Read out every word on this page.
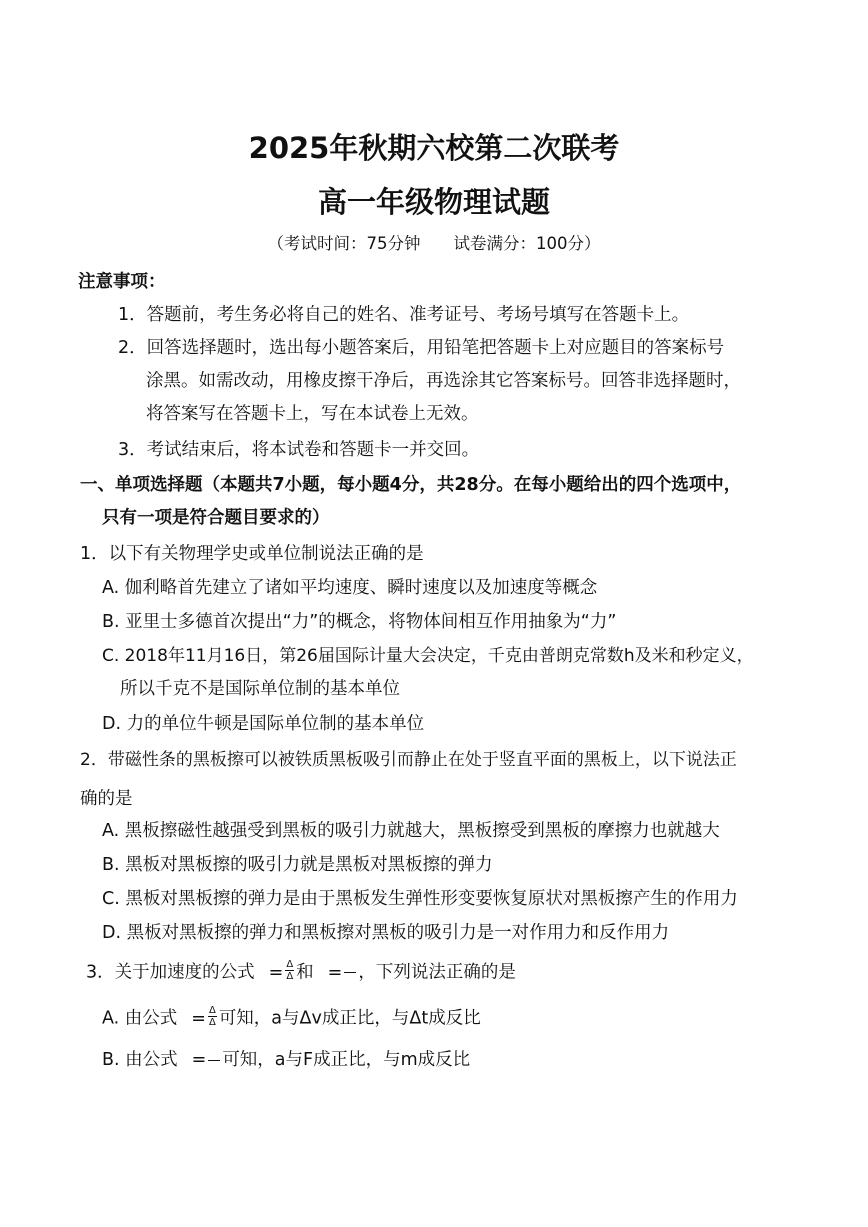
2025年秋期六校第二次联考
高一年级物理试题
（考试时间：75分钟　　试卷满分：100分）
注意事项：
1．答题前，考生务必将自己的姓名、准考证号、考场号填写在答题卡上。
2．回答选择题时，选出每小题答案后，用铅笔把答题卡上对应题目的答案标号
涂黑。如需改动，用橡皮擦干净后，再选涂其它答案标号。回答非选择题时，
将答案写在答题卡上，写在本试卷上无效。
3．考试结束后，将本试卷和答题卡一并交回。
一、单项选择题（本题共7小题，每小题4分，共28分。在每小题给出的四个选项中，
只有一项是符合题目要求的）
1．以下有关物理学史或单位制说法正确的是
A. 伽利略首先建立了诸如平均速度、瞬时速度以及加速度等概念
B. 亚里士多德首次提出“力”的概念，将物体间相互作用抽象为“力”
C. 2018年11月16日，第26届国际计量大会决定，千克由普朗克常数h及米和秒定义，
所以千克不是国际单位制的基本单位
D. 力的单位牛顿是国际单位制的基本单位
2．带磁性条的黑板擦可以被铁质黑板吸引而静止在处于竖直平面的黑板上，以下说法正
确的是
A. 黑板擦磁性越强受到黑板的吸引力就越大，黑板擦受到黑板的摩擦力也就越大
B. 黑板对黑板擦的吸引力就是黑板对黑板擦的弹力
C. 黑板对黑板擦的弹力是由于黑板发生弹性形变要恢复原状对黑板擦产生的作用力
D. 黑板对黑板擦的弹力和黑板擦对黑板的吸引力是一对作用力和反作用力
3．关于加速度的公式 = $\frac{\Delta}{\Delta}$ 和 = ，下列说法正确的是
A. 由公式 = $\frac{\Delta}{\Delta}$ 可知，a与Δv成正比，与Δt成反比
B. 由公式 = 可知，a与F成正比，与m成反比
